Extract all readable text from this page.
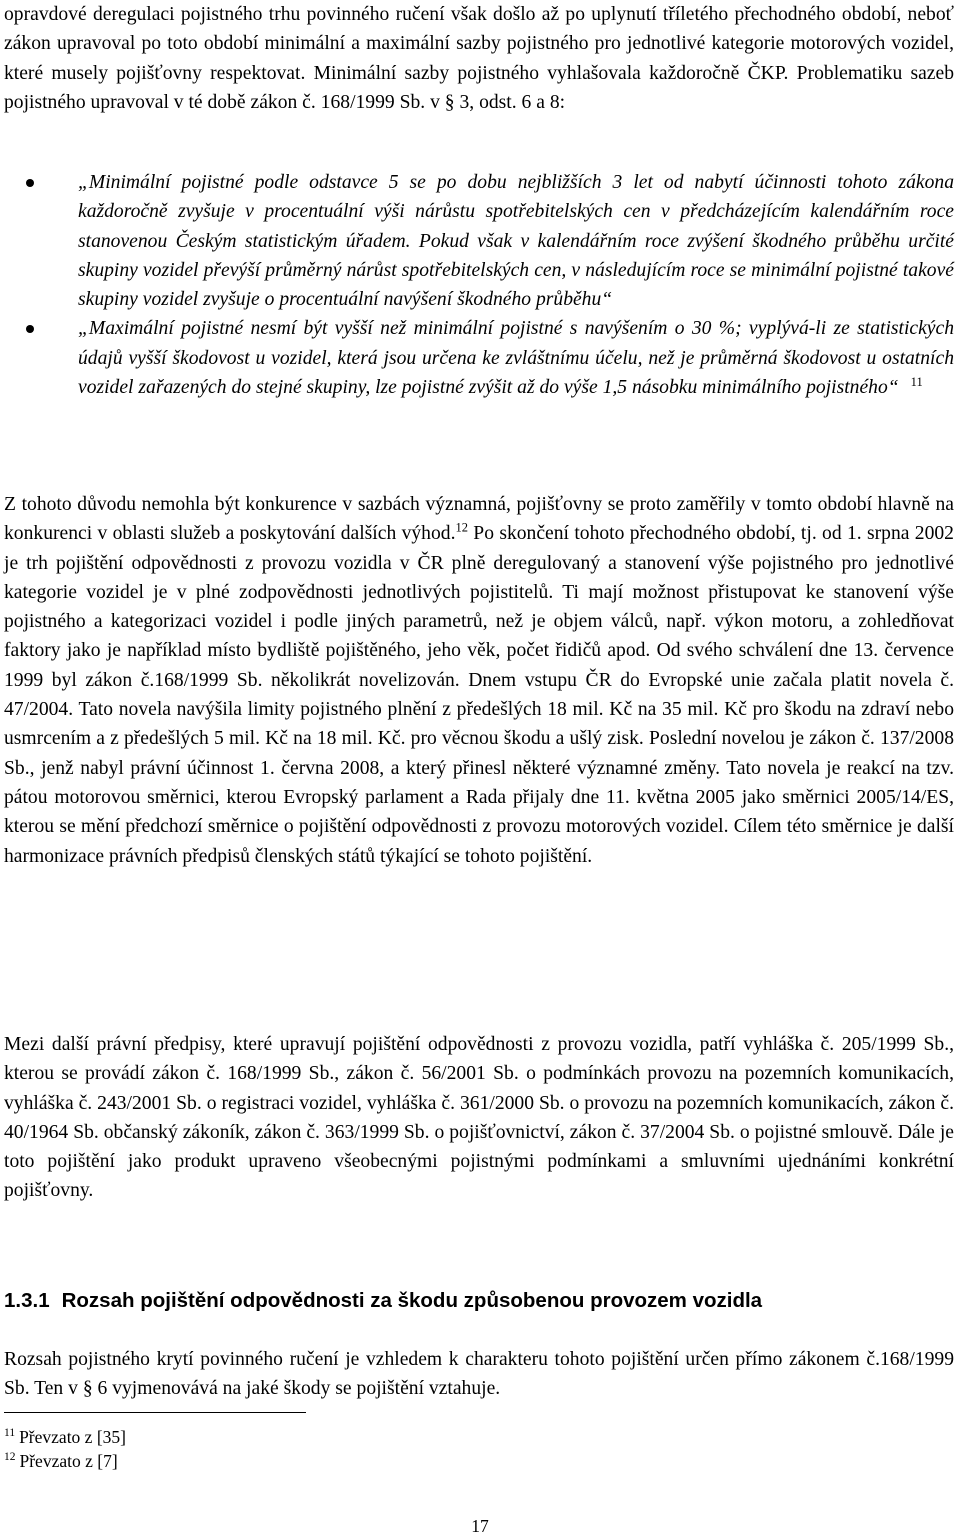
opravdové deregulaci pojistného trhu povinného ručení však došlo až po uplynutí tříletého přechodného období, neboť zákon upravoval po toto období minimální a maximální sazby pojistného pro jednotlivé kategorie motorových vozidel, které musely pojišťovny respektovat. Minimální sazby pojistného vyhlašovala každoročně ČKP. Problematiku sazeb pojistného upravoval v té době zákon č. 168/1999 Sb. v § 3, odst. 6 a 8:

„Minimální pojistné podle odstavce 5 se po dobu nejbližších 3 let od nabytí účinnosti tohoto zákona každoročně zvyšuje v procentuální výši nárůstu spotřebitelských cen v předcházejícím kalendářním roce stanovenou Českým statistickým úřadem. Pokud však v kalendářním roce zvýšení škodného průběhu určité skupiny vozidel převýší průměrný nárůst spotřebitelských cen, v následujícím roce se minimální pojistné takové skupiny vozidel zvyšuje o procentuální navýšení škodného průběhu“
„Maximální pojistné nesmí být vyšší než minimální pojistné s navýšením o 30 %; vyplývá-li ze statistických údajů vyšší škodovost u vozidel, která jsou určena ke zvláštnímu účelu, než je průměrná škodovost u ostatních vozidel zařazených do stejné skupiny, lze pojistné zvýšit až do výše 1,5 násobku minimálního pojistného“ $^{11}$

Z tohoto důvodu nemohla být konkurence v sazbách významná, pojišťovny se proto zaměřily v tomto období hlavně na konkurenci v oblasti služeb a poskytování dalších výhod.$^{12}$ Po skončení tohoto přechodného období, tj. od 1. srpna 2002 je trh pojištění odpovědnosti z provozu vozidla v ČR plně deregulovaný a stanovení výše pojistného pro jednotlivé kategorie vozidel je v plné zodpovědnosti jednotlivých pojistitelů. Ti mají možnost přistupovat ke stanovení výše pojistného a kategorizaci vozidel i podle jiných parametrů, než je objem válců, např. výkon motoru, a zohledňovat faktory jako je například místo bydliště pojištěného, jeho věk, počet řidičů apod. Od svého schválení dne 13. července 1999 byl zákon č.168/1999 Sb. několikrát novelizován. Dnem vstupu ČR do Evropské unie začala platit novela č. 47/2004. Tato novela navýšila limity pojistného plnění z předešlých 18 mil. Kč na 35 mil. Kč pro škodu na zdraví nebo usmrcením a z předešlých 5 mil. Kč na 18 mil. Kč. pro věcnou škodu a ušlý zisk. Poslední novelou je zákon č. 137/2008 Sb., jenž nabyl právní účinnost 1. června 2008, a který přinesl některé významné změny. Tato novela je reakcí na tzv. pátou motorovou směrnici, kterou Evropský parlament a Rada přijaly dne 11. května 2005 jako směrnici 2005/14/ES, kterou se mění předchozí směrnice o pojištění odpovědnosti z provozu motorových vozidel. Cílem této směrnice je další harmonizace právních předpisů členských států týkající se tohoto pojištění.

Mezi další právní předpisy, které upravují pojištění odpovědnosti z provozu vozidla, patří vyhláška č. 205/1999 Sb., kterou se provádí zákon č. 168/1999 Sb., zákon č. 56/2001 Sb. o podmínkách provozu na pozemních komunikacích, vyhláška č. 243/2001 Sb. o registraci vozidel, vyhláška č. 361/2000 Sb. o provozu na pozemních komunikacích, zákon č. 40/1964 Sb. občanský zákoník, zákon č. 363/1999 Sb. o pojišťovnictví, zákon č. 37/2004 Sb. o pojistné smlouvě. Dále je toto pojištění jako produkt upraveno všeobecnými pojistnými podmínkami a smluvními ujednáními konkrétní pojišťovny.

1.3.1 Rozsah pojištění odpovědnosti za škodu způsobenou provozem vozidla

Rozsah pojistného krytí povinného ručení je vzhledem k charakteru tohoto pojištění určen přímo zákonem č.168/1999 Sb. Ten v § 6 vyjmenovává na jaké škody se pojištění vztahuje.

$^{11}$ Převzato z [35]
$^{12}$ Převzato z [7]
17
